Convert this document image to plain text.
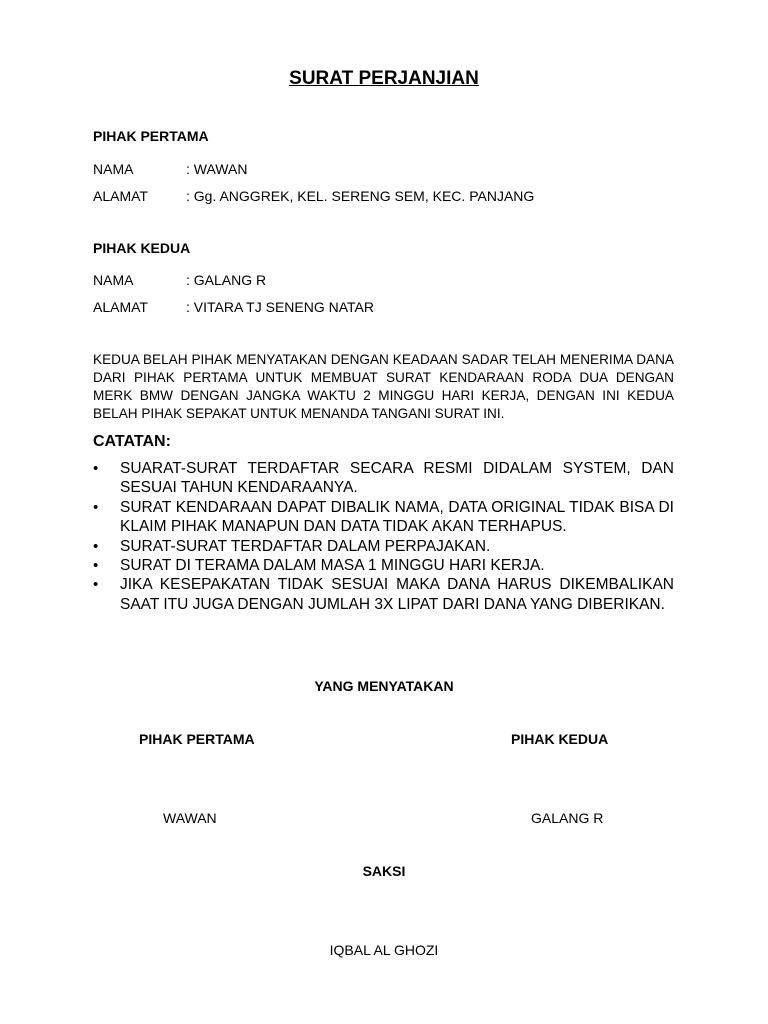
SURAT PERJANJIAN
PIHAK PERTAMA
NAMA	: WAWAN
ALAMAT	: Gg. ANGGREK, KEL. SERENG SEM, KEC. PANJANG
PIHAK KEDUA
NAMA	: GALANG R
ALAMAT	: VITARA TJ SENENG NATAR
KEDUA BELAH PIHAK MENYATAKAN DENGAN KEADAAN SADAR TELAH MENERIMA DANA DARI PIHAK PERTAMA UNTUK MEMBUAT SURAT KENDARAAN RODA DUA DENGAN MERK BMW DENGAN JANGKA WAKTU 2 MINGGU HARI KERJA, DENGAN INI KEDUA BELAH PIHAK SEPAKAT UNTUK MENANDA TANGANI SURAT INI.
CATATAN:
• SUARAT-SURAT TERDAFTAR SECARA RESMI DIDALAM SYSTEM, DAN SESUAI TAHUN KENDARAANYA.
• SURAT KENDARAAN DAPAT DIBALIK NAMA, DATA ORIGINAL TIDAK BISA DI KLAIM PIHAK MANAPUN DAN DATA TIDAK AKAN TERHAPUS.
• SURAT-SURAT TERDAFTAR DALAM PERPAJAKAN.
• SURAT DI TERAMA DALAM MASA 1 MINGGU HARI KERJA.
• JIKA KESEPAKATAN TIDAK SESUAI MAKA DANA HARUS DIKEMBALIKAN SAAT ITU JUGA DENGAN JUMLAH 3X LIPAT DARI DANA YANG DIBERIKAN.
YANG MENYATAKAN
PIHAK PERTAMA	PIHAK KEDUA
WAWAN	GALANG R
SAKSI
IQBAL AL GHOZI
